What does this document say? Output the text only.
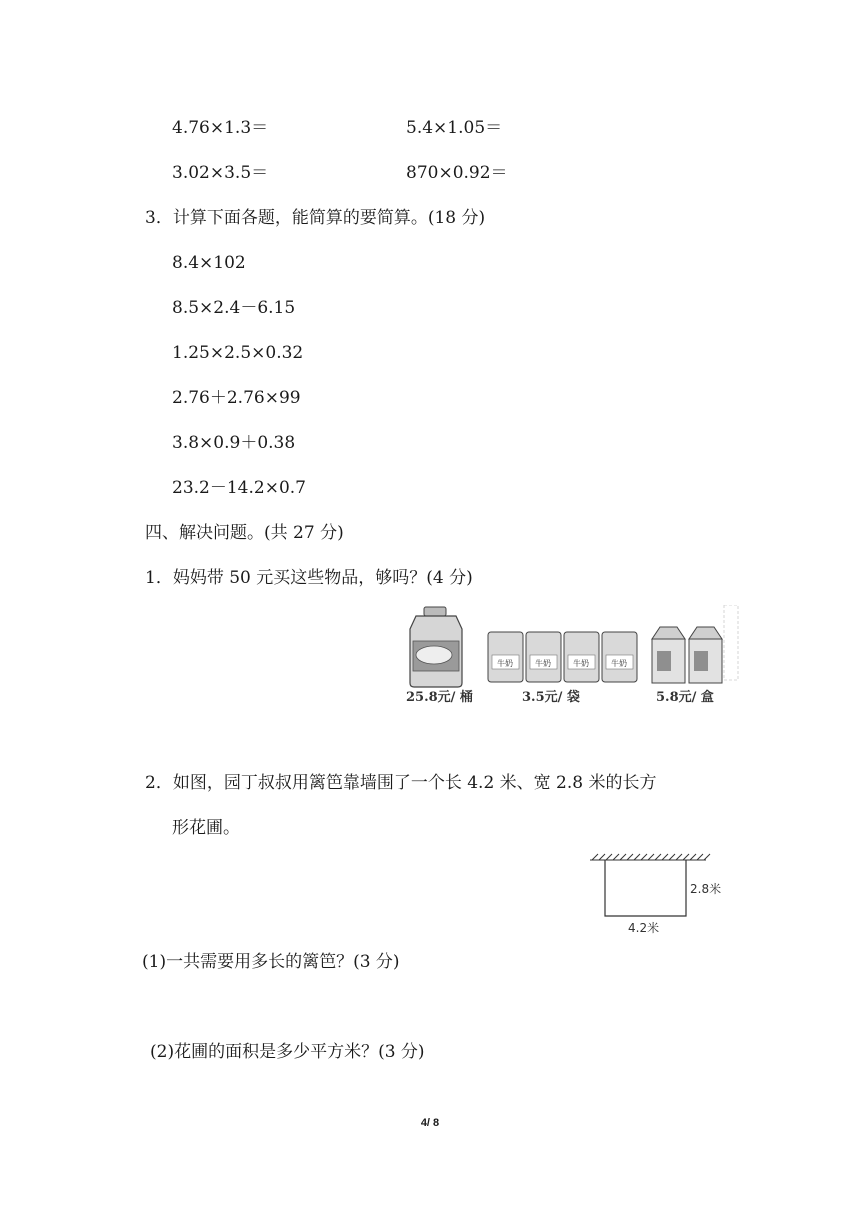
4.76×1.3＝	5.4×1.05＝
3.02×3.5＝	870×0.92＝
3．计算下面各题，能简算的要简算。(18 分)
8.4×102
8.5×2.4－6.15
1.25×2.5×0.32
2.76＋2.76×99
3.8×0.9＋0.38
23.2－14.2×0.7
四、解决问题。(共 27 分)
1．妈妈带 50 元买这些物品，够吗？(4 分)
牛奶	牛奶	牛奶	牛奶
25.8元/ 桶	3.5元/ 袋	5.8元/ 盒
2．如图，园丁叔叔用篱笆靠墙围了一个长 4.2 米、宽 2.8 米的长方
形花圃。
2.8米
4.2米
(1)一共需要用多长的篱笆？(3 分)
(2)花圃的面积是多少平方米？(3 分)
4/ 8
